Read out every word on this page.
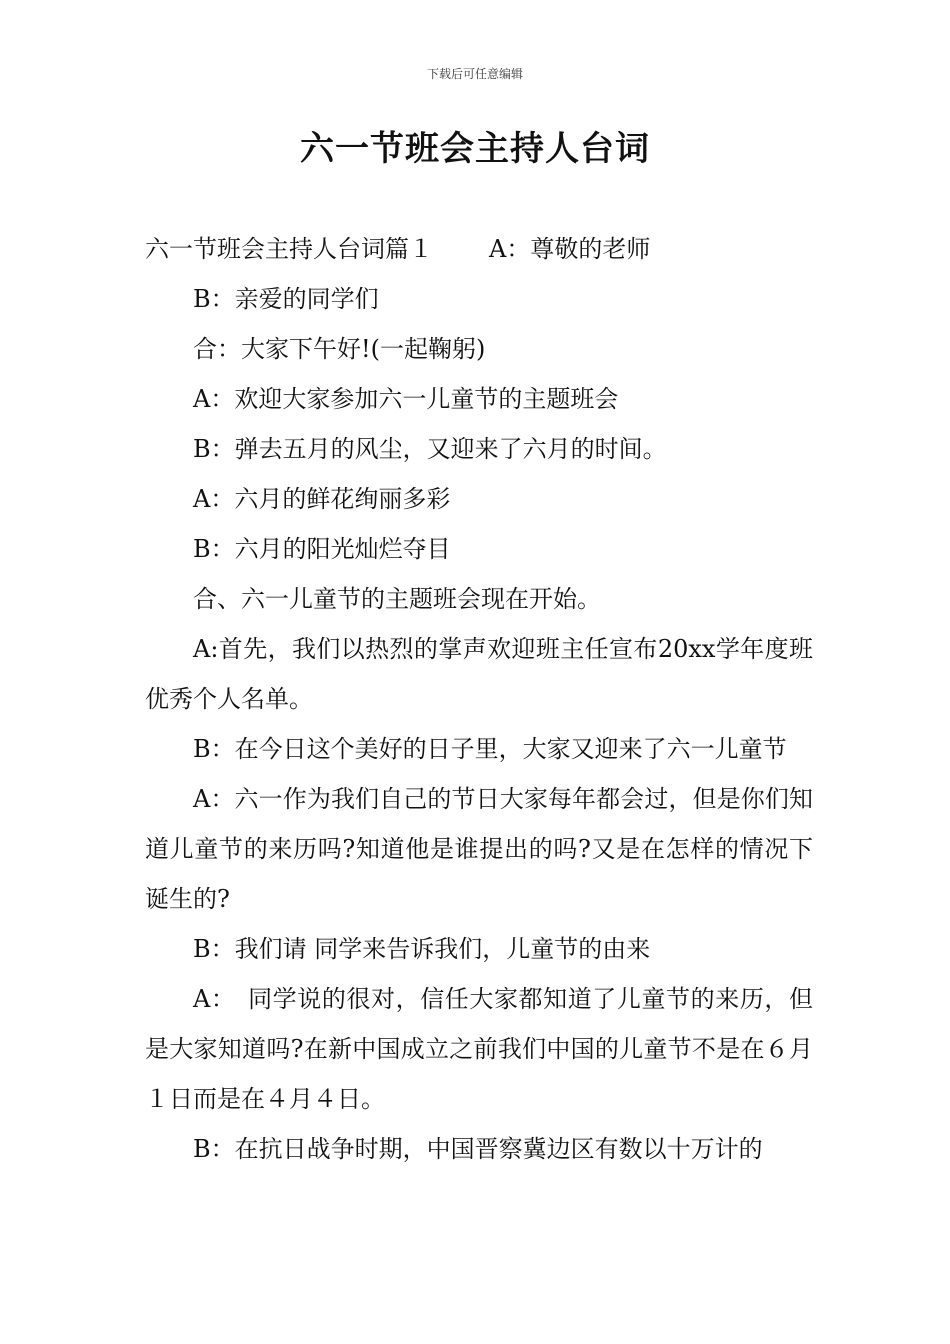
下载后可任意编辑
六一节班会主持人台词

六一节班会主持人台词篇１ A：尊敬的老师

B：亲爱的同学们

合：大家下午好!(一起鞠躬)

A：欢迎大家参加六一儿童节的主题班会

B：弹去五月的风尘，又迎来了六月的时间。

A：六月的鲜花绚丽多彩

B：六月的阳光灿烂夺目

合、六一儿童节的主题班会现在开始。

A:首先，我们以热烈的掌声欢迎班主任宣布20xx学年度班优秀个人名单。

B：在今日这个美好的日子里，大家又迎来了六一儿童节

A：六一作为我们自己的节日大家每年都会过，但是你们知道儿童节的来历吗?知道他是谁提出的吗?又是在怎样的情况下诞生的?

B：我们请 同学来告诉我们，儿童节的由来

A：　同学说的很对，信任大家都知道了儿童节的来历，但是大家知道吗?在新中国成立之前我们中国的儿童节不是在６月１日而是在４月４日。

B：在抗日战争时期，中国晋察冀边区有数以十万计的
